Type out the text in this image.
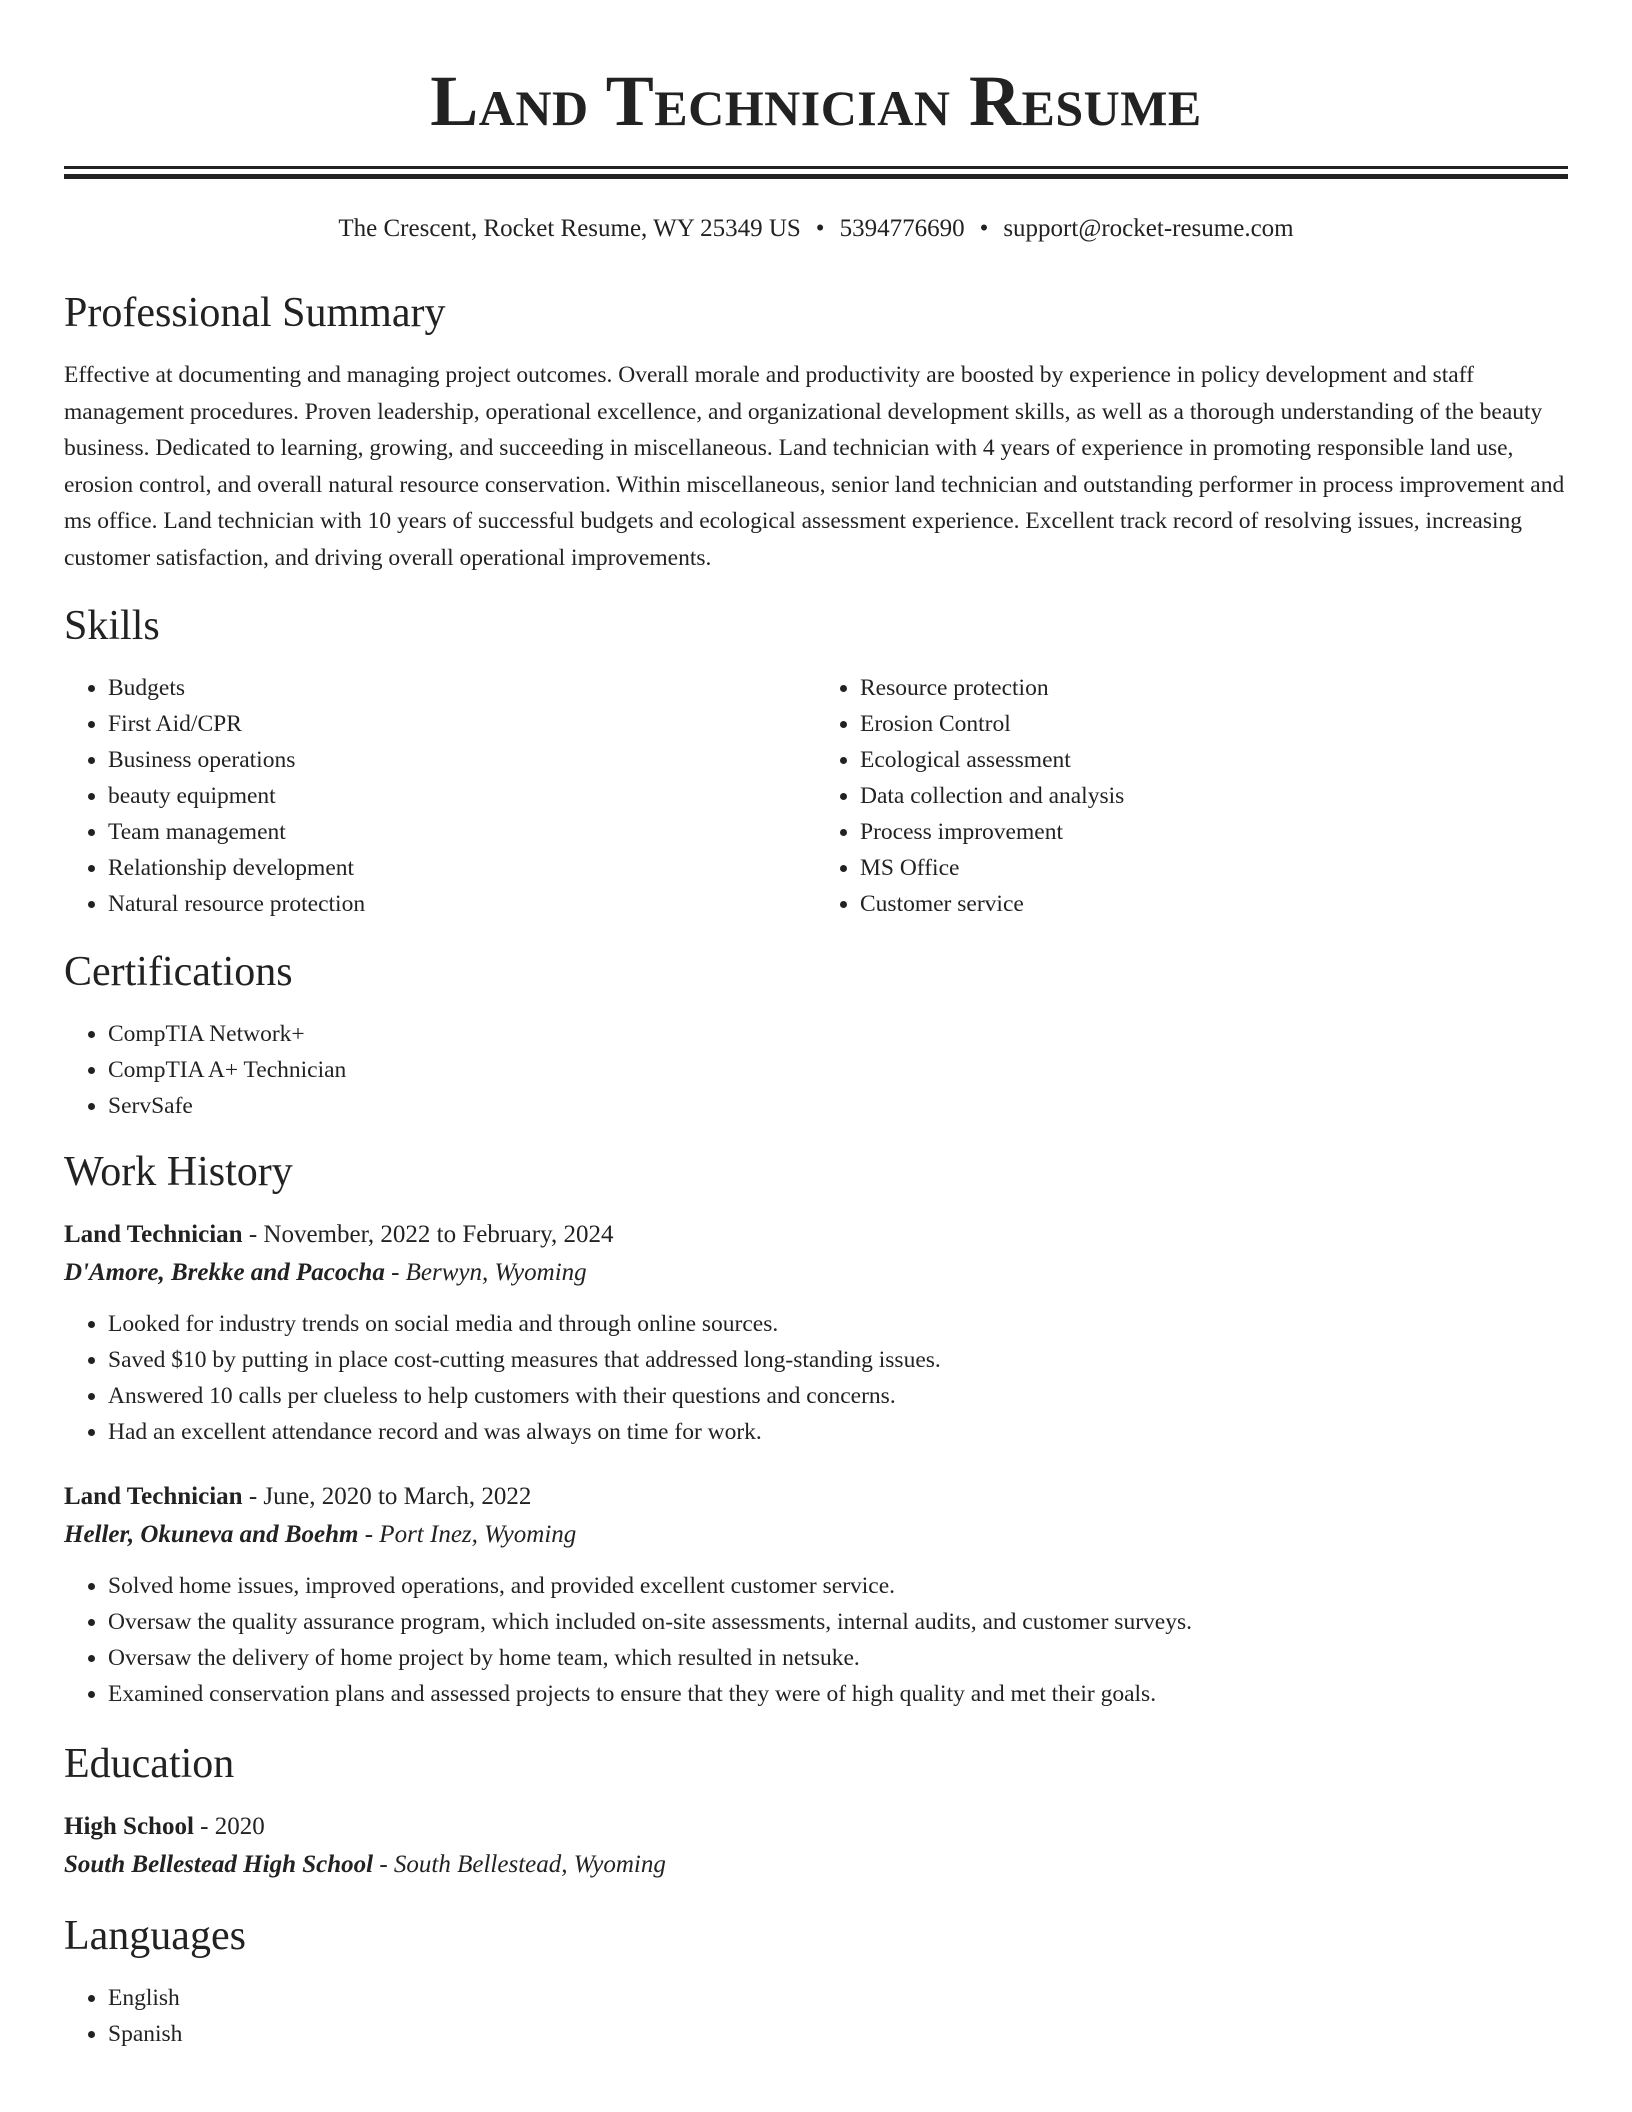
Land Technician Resume
The Crescent, Rocket Resume, WY 25349 US • 5394776690 • support@rocket-resume.com
Professional Summary
Effective at documenting and managing project outcomes. Overall morale and productivity are boosted by experience in policy development and staff management procedures. Proven leadership, operational excellence, and organizational development skills, as well as a thorough understanding of the beauty business. Dedicated to learning, growing, and succeeding in miscellaneous. Land technician with 4 years of experience in promoting responsible land use, erosion control, and overall natural resource conservation. Within miscellaneous, senior land technician and outstanding performer in process improvement and ms office. Land technician with 10 years of successful budgets and ecological assessment experience. Excellent track record of resolving issues, increasing customer satisfaction, and driving overall operational improvements.
Skills
• Budgets
• First Aid/CPR
• Business operations
• beauty equipment
• Team management
• Relationship development
• Natural resource protection
• Resource protection
• Erosion Control
• Ecological assessment
• Data collection and analysis
• Process improvement
• MS Office
• Customer service
Certifications
• CompTIA Network+
• CompTIA A+ Technician
• ServSafe
Work History
Land Technician - November, 2022 to February, 2024
D'Amore, Brekke and Pacocha - Berwyn, Wyoming
• Looked for industry trends on social media and through online sources.
• Saved $10 by putting in place cost-cutting measures that addressed long-standing issues.
• Answered 10 calls per clueless to help customers with their questions and concerns.
• Had an excellent attendance record and was always on time for work.
Land Technician - June, 2020 to March, 2022
Heller, Okuneva and Boehm - Port Inez, Wyoming
• Solved home issues, improved operations, and provided excellent customer service.
• Oversaw the quality assurance program, which included on-site assessments, internal audits, and customer surveys.
• Oversaw the delivery of home project by home team, which resulted in netsuke.
• Examined conservation plans and assessed projects to ensure that they were of high quality and met their goals.
Education
High School - 2020
South Bellestead High School - South Bellestead, Wyoming
Languages
• English
• Spanish
